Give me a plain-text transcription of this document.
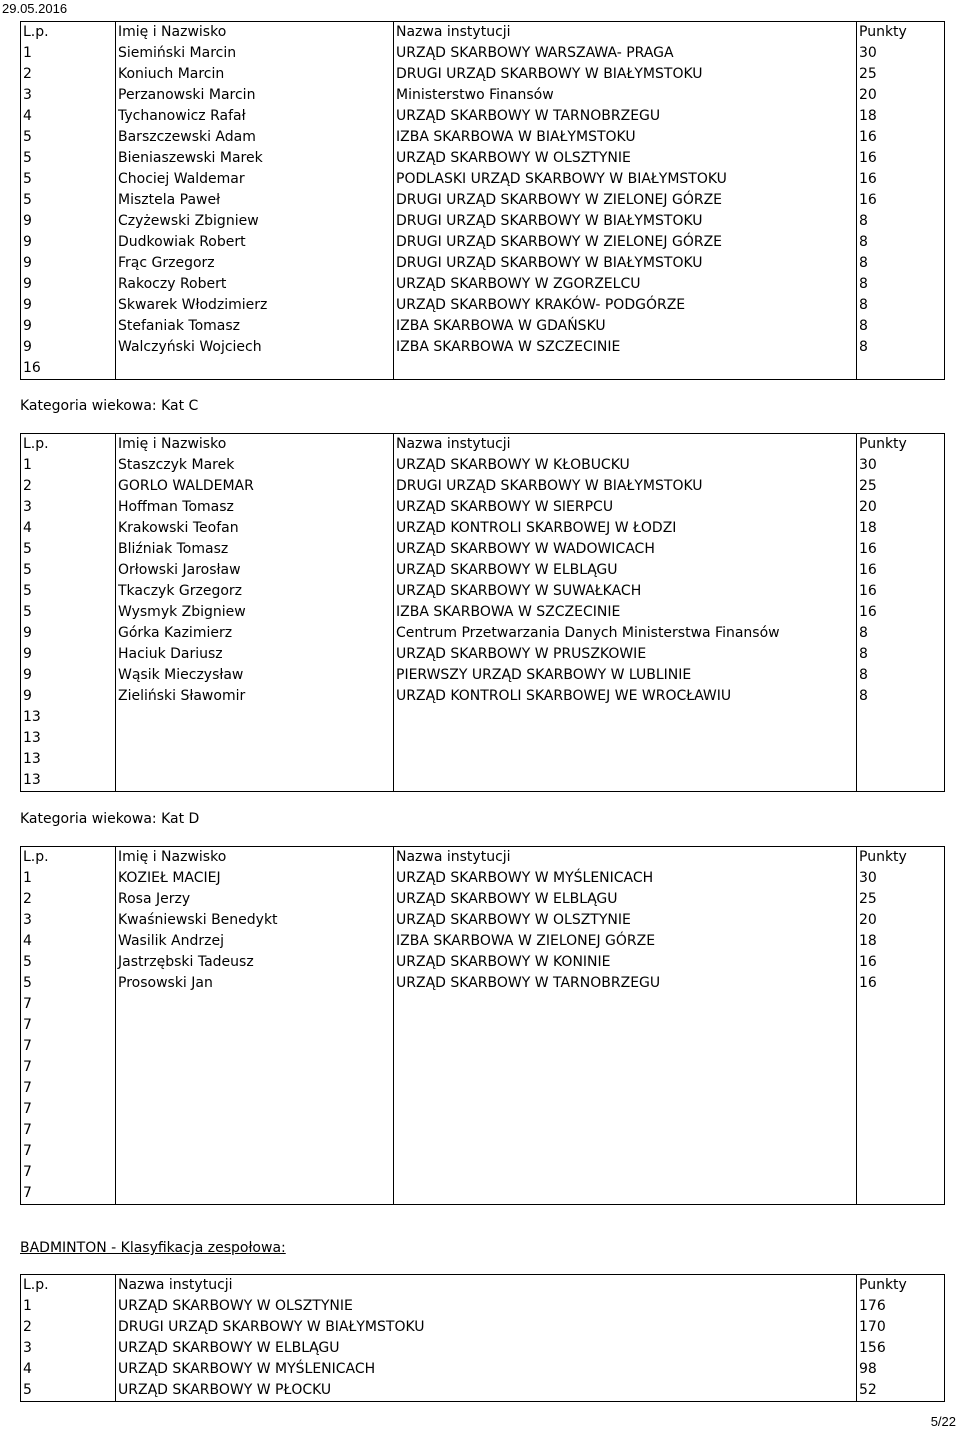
29.05.2016
L.p.	Imię i Nazwisko	Nazwa instytucji	Punkty
1	Siemiński Marcin	URZĄD SKARBOWY WARSZAWA- PRAGA	30
2	Koniuch Marcin	DRUGI URZĄD SKARBOWY W BIAŁYMSTOKU	25
3	Perzanowski Marcin	Ministerstwo Finansów	20
4	Tychanowicz Rafał	URZĄD SKARBOWY W TARNOBRZEGU	18
5	Barszczewski Adam	IZBA SKARBOWA W BIAŁYMSTOKU	16
5	Bieniaszewski Marek	URZĄD SKARBOWY W OLSZTYNIE	16
5	Chociej Waldemar	PODLASKI URZĄD SKARBOWY W BIAŁYMSTOKU	16
5	Misztela Paweł	DRUGI URZĄD SKARBOWY W ZIELONEJ GÓRZE	16
9	Czyżewski Zbigniew	DRUGI URZĄD SKARBOWY W BIAŁYMSTOKU	8
9	Dudkowiak Robert	DRUGI URZĄD SKARBOWY W ZIELONEJ GÓRZE	8
9	Frąc Grzegorz	DRUGI URZĄD SKARBOWY W BIAŁYMSTOKU	8
9	Rakoczy Robert	URZĄD SKARBOWY W ZGORZELCU	8
9	Skwarek Włodzimierz	URZĄD SKARBOWY KRAKÓW- PODGÓRZE	8
9	Stefaniak Tomasz	IZBA SKARBOWA W GDAŃSKU	8
9	Walczyński Wojciech	IZBA SKARBOWA W SZCZECINIE	8
16			
Kategoria wiekowa: Kat C
L.p.	Imię i Nazwisko	Nazwa instytucji	Punkty
1	Staszczyk Marek	URZĄD SKARBOWY W KŁOBUCKU	30
2	GORLO WALDEMAR	DRUGI URZĄD SKARBOWY W BIAŁYMSTOKU	25
3	Hoffman Tomasz	URZĄD SKARBOWY W SIERPCU	20
4	Krakowski Teofan	URZĄD KONTROLI SKARBOWEJ W ŁODZI	18
5	Bliźniak Tomasz	URZĄD SKARBOWY W WADOWICACH	16
5	Orłowski Jarosław	URZĄD SKARBOWY W ELBLĄGU	16
5	Tkaczyk Grzegorz	URZĄD SKARBOWY W SUWAŁKACH	16
5	Wysmyk Zbigniew	IZBA SKARBOWA W SZCZECINIE	16
9	Górka Kazimierz	Centrum Przetwarzania Danych Ministerstwa Finansów	8
9	Haciuk Dariusz	URZĄD SKARBOWY W PRUSZKOWIE	8
9	Wąsik Mieczysław	PIERWSZY URZĄD SKARBOWY W LUBLINIE	8
9	Zieliński Sławomir	URZĄD KONTROLI SKARBOWEJ WE WROCŁAWIU	8
13			
13			
13			
13			
Kategoria wiekowa: Kat D
L.p.	Imię i Nazwisko	Nazwa instytucji	Punkty
1	KOZIEŁ MACIEJ	URZĄD SKARBOWY W MYŚLENICACH	30
2	Rosa Jerzy	URZĄD SKARBOWY W ELBLĄGU	25
3	Kwaśniewski Benedykt	URZĄD SKARBOWY W OLSZTYNIE	20
4	Wasilik Andrzej	IZBA SKARBOWA W ZIELONEJ GÓRZE	18
5	Jastrzębski Tadeusz	URZĄD SKARBOWY W KONINIE	16
5	Prosowski Jan	URZĄD SKARBOWY W TARNOBRZEGU	16
7			
7			
7			
7			
7			
7			
7			
7			
7			
7			
BADMINTON - Klasyfikacja zespołowa:
L.p.	Nazwa instytucji	Punkty
1	URZĄD SKARBOWY W OLSZTYNIE	176
2	DRUGI URZĄD SKARBOWY W BIAŁYMSTOKU	170
3	URZĄD SKARBOWY W ELBLĄGU	156
4	URZĄD SKARBOWY W MYŚLENICACH	98
5	URZĄD SKARBOWY W PŁOCKU	52
5/22
